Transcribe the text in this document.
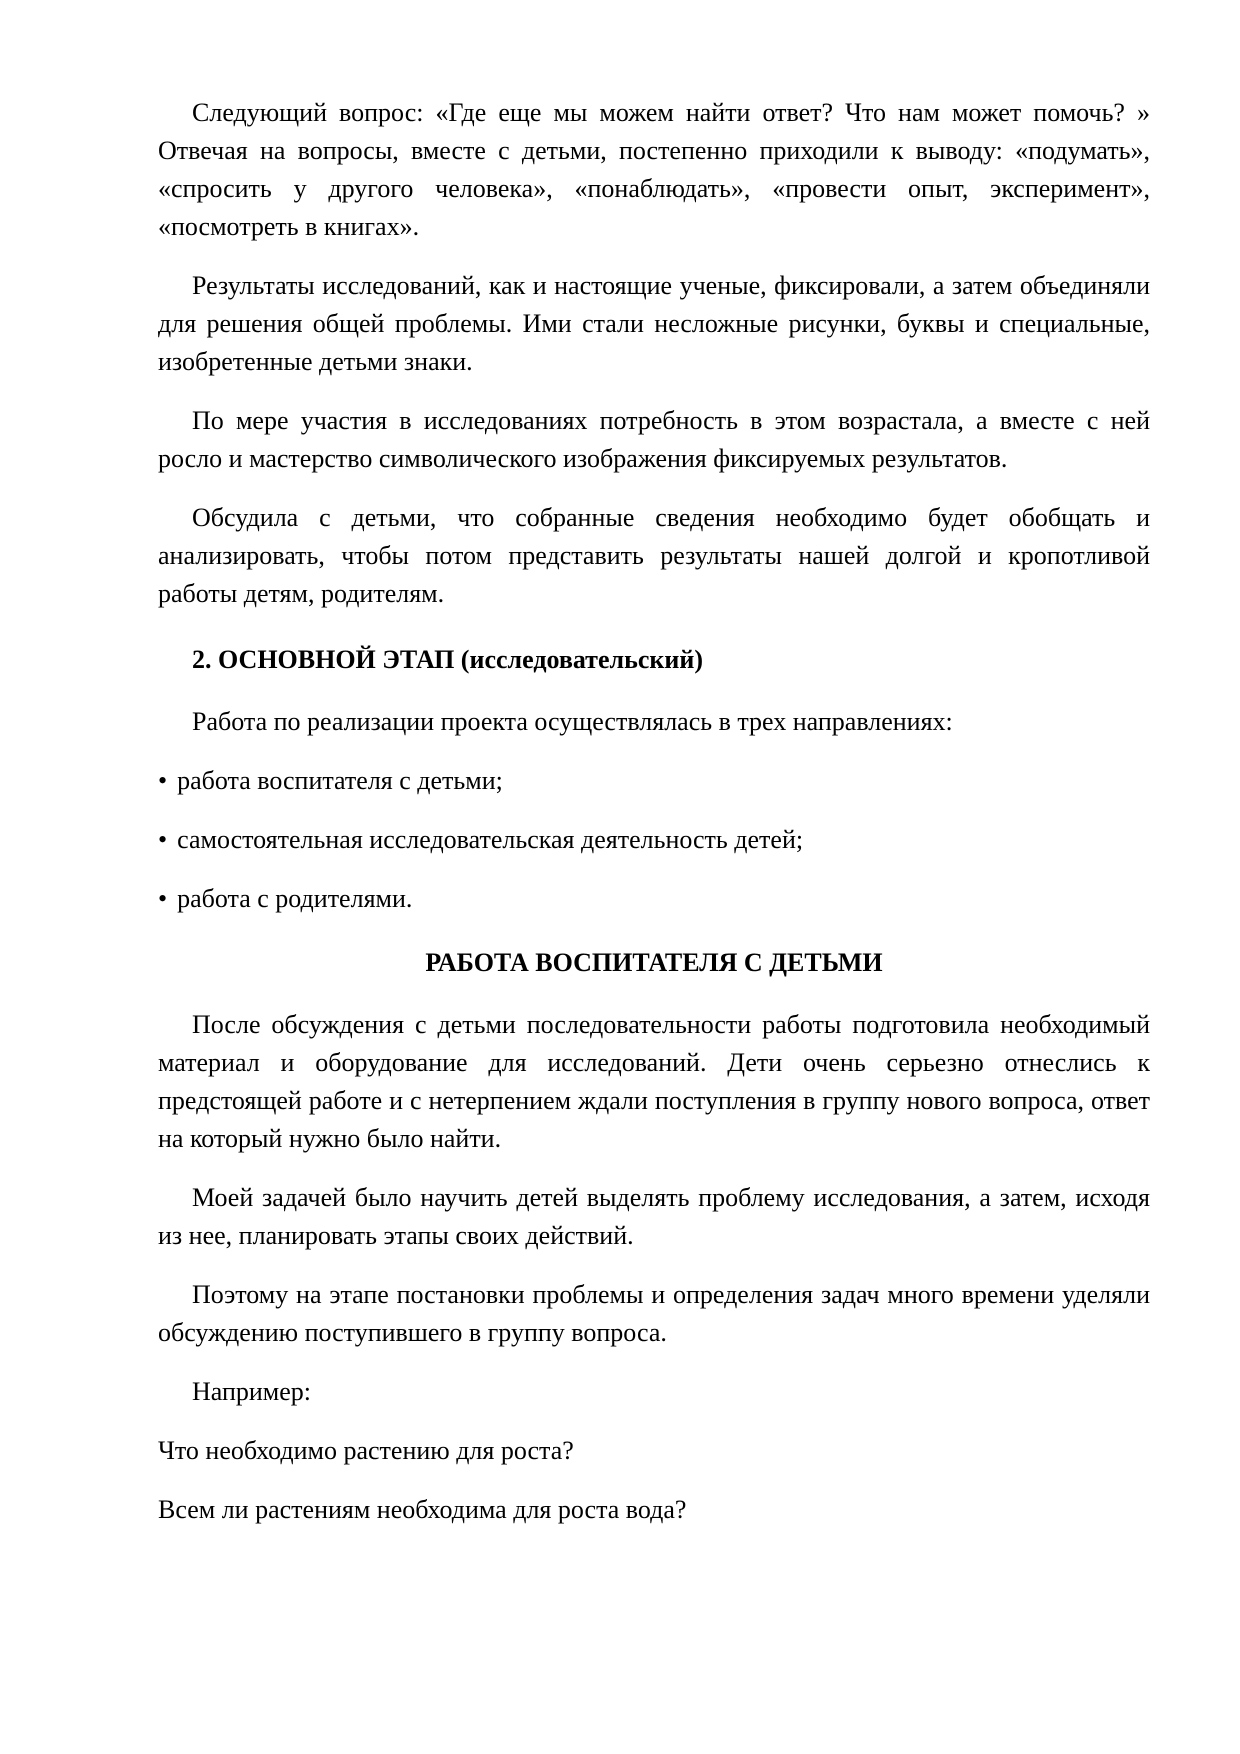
Следующий вопрос: «Где еще мы можем найти ответ? Что нам может помочь? » Отвечая на вопросы, вместе с детьми, постепенно приходили к выводу: «подумать», «спросить у другого человека», «понаблюдать», «провести опыт, эксперимент», «посмотреть в книгах».
Результаты исследований, как и настоящие ученые, фиксировали, а затем объединяли для решения общей проблемы. Ими стали несложные рисунки, буквы и специальные, изобретенные детьми знаки.
По мере участия в исследованиях потребность в этом возрастала, а вместе с ней росло и мастерство символического изображения фиксируемых результатов.
Обсудила с детьми, что собранные сведения необходимо будет обобщать и анализировать, чтобы потом представить результаты нашей долгой и кропотливой работы детям, родителям.
2. ОСНОВНОЙ ЭТАП (исследовательский)
Работа по реализации проекта осуществлялась в трех направлениях:
• работа воспитателя с детьми;
• самостоятельная исследовательская деятельность детей;
• работа с родителями.
РАБОТА ВОСПИТАТЕЛЯ С ДЕТЬМИ
После обсуждения с детьми последовательности работы подготовила необходимый материал и оборудование для исследований. Дети очень серьезно отнеслись к предстоящей работе и с нетерпением ждали поступления в группу нового вопроса, ответ на который нужно было найти.
Моей задачей было научить детей выделять проблему исследования, а затем, исходя из нее, планировать этапы своих действий.
Поэтому на этапе постановки проблемы и определения задач много времени уделяли обсуждению поступившего в группу вопроса.
Например:
Что необходимо растению для роста?
Всем ли растениям необходима для роста вода?
